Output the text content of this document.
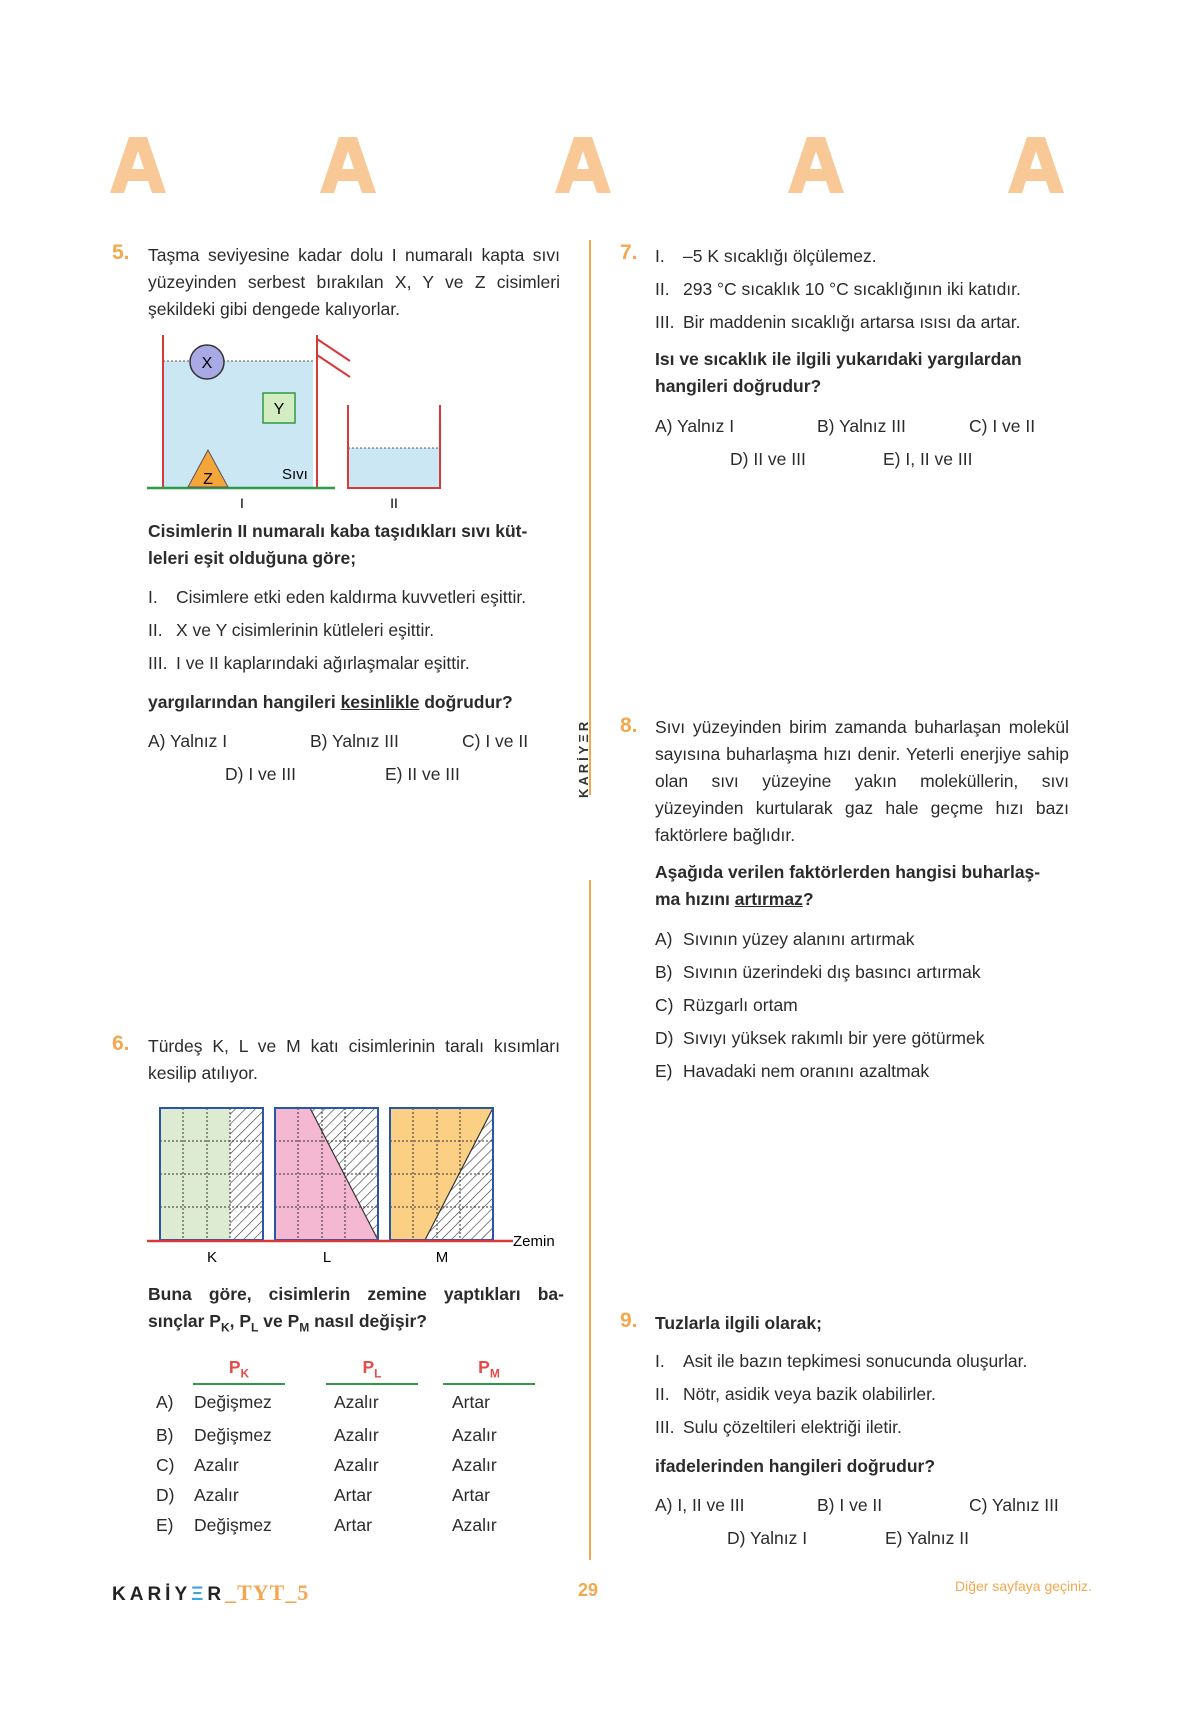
KARİYΞR
5. Taşma seviyesine kadar dolu I numaralı kapta sıvı yüzeyinden serbest bırakılan X, Y ve Z cisimleri şekildeki gibi dengede kalıyorlar.
X
Y
Z	Sıvı
I	II
Cisimlerin II numaralı kaba taşıdıkları sıvı küt-
leleri eşit olduğuna göre;
I. Cisimlere etki eden kaldırma kuvvetleri eşittir.
II. X ve Y cisimlerinin kütleleri eşittir.
III. I ve II kaplarındaki ağırlaşmalar eşittir.
yargılarından hangileri kesinlikle doğrudur?
A) Yalnız I	B) Yalnız III	C) I ve II
D) I ve III	E) II ve III
6. Türdeş K, L ve M katı cisimlerinin taralı kısımları kesilip atılıyor.
K	L	M
Zemin
Buna göre, cisimlerin zemine yaptıkları ba-
sınçlar $P_K$, $P_L$ ve $P_M$ nasıl değişir?
$P_K$	$P_L$	$P_M$
A) Değişmez	Azalır	Artar
B) Değişmez	Azalır	Azalır
C) Azalır	Azalır	Azalır
D) Azalır	Artar	Artar
E) Değişmez	Artar	Azalır
7. I. –5 K sıcaklığı ölçülemez.
II. 293 °C sıcaklık 10 °C sıcaklığının iki katıdır.
III. Bir maddenin sıcaklığı artarsa ısısı da artar.
Isı ve sıcaklık ile ilgili yukarıdaki yargılardan
hangileri doğrudur?
A) Yalnız I	B) Yalnız III	C) I ve II
D) II ve III	E) I, II ve III
8. Sıvı yüzeyinden birim zamanda buharlaşan molekül sayısına buharlaşma hızı denir. Yeterli enerjiye sahip olan sıvı yüzeyine yakın moleküllerin, sıvı yüzeyinden kurtularak gaz hale geçme hızı bazı faktörlere bağlıdır.
Aşağıda verilen faktörlerden hangisi buharlaş-
ma hızını artırmaz?
A) Sıvının yüzey alanını artırmak
B) Sıvının üzerindeki dış basıncı artırmak
C) Rüzgarlı ortam
D) Sıvıyı yüksek rakımlı bir yere götürmek
E) Havadaki nem oranını azaltmak
9. Tuzlarla ilgili olarak;
I. Asit ile bazın tepkimesi sonucunda oluşurlar.
II. Nötr, asidik veya bazik olabilirler.
III. Sulu çözeltileri elektriği iletir.
ifadelerinden hangileri doğrudur?
A) I, II ve III	B) I ve II	C) Yalnız III
D) Yalnız I	E) Yalnız II
KARİYΞR_TYT_5	29	Diğer sayfaya geçiniz.
